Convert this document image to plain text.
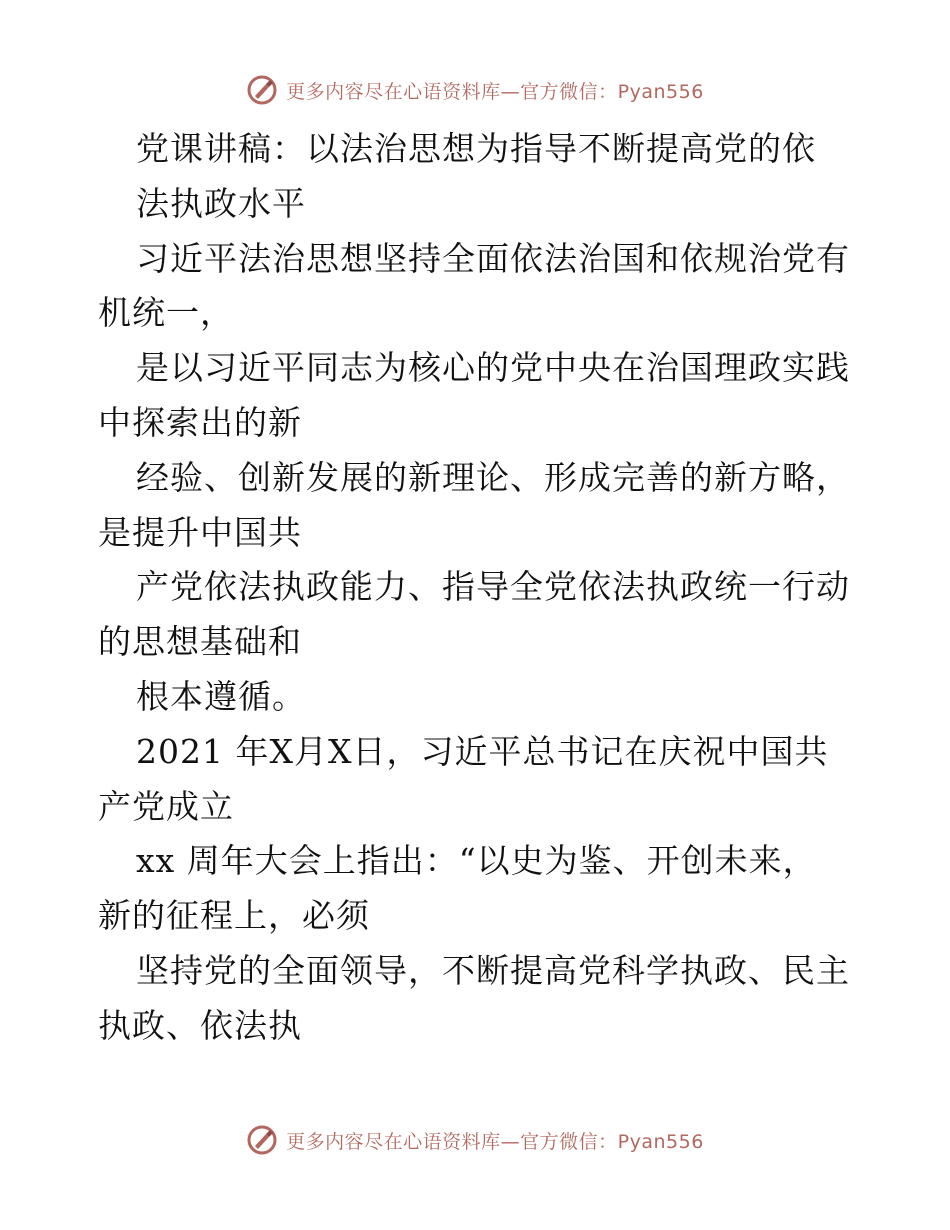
更多内容尽在心语资料库—官方微信：Pyan556
党课讲稿：以法治思想为指导不断提高党的依
法执政水平
习近平法治思想坚持全面依法治国和依规治党有
机统一，
是以习近平同志为核心的党中央在治国理政实践
中探索出的新
经验、创新发展的新理论、形成完善的新方略，
是提升中国共
产党依法执政能力、指导全党依法执政统一行动
的思想基础和
根本遵循。
2021 年X月X日，习近平总书记在庆祝中国共
产党成立
xx 周年大会上指出：“以史为鉴、开创未来，
新的征程上，必须
坚持党的全面领导，不断提高党科学执政、民主
执政、依法执
更多内容尽在心语资料库—官方微信：Pyan556
